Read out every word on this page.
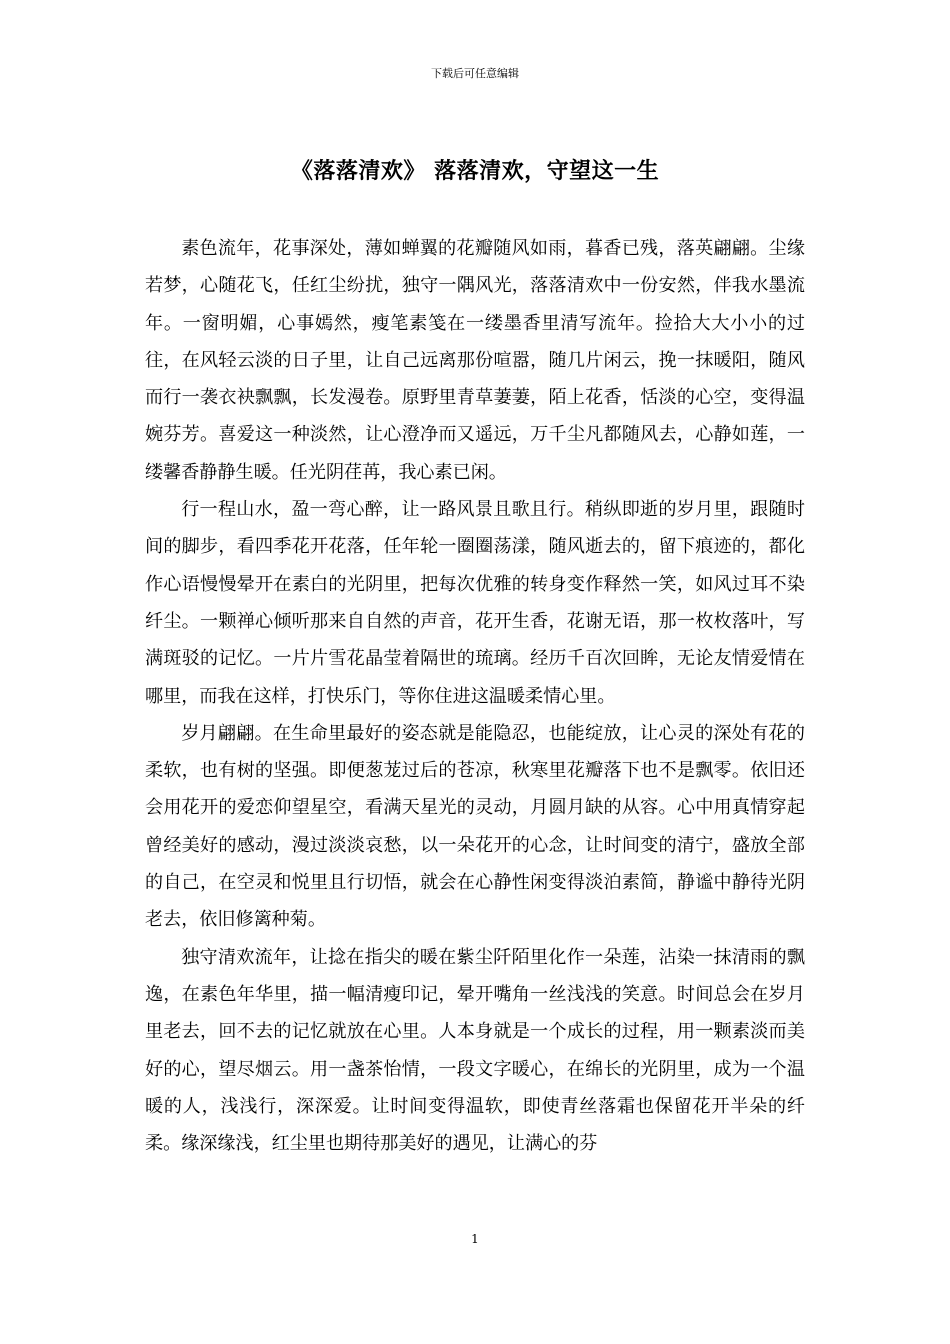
下载后可任意编辑
《落落清欢》 落落清欢，守望这一生

素色流年，花事深处，薄如蝉翼的花瓣随风如雨，暮香已残，落英翩翩。尘缘若梦，心随花飞，任红尘纷扰，独守一隅风光，落落清欢中一份安然，伴我水墨流年。一窗明媚，心事嫣然，瘦笔素笺在一缕墨香里清写流年。捡拾大大小小的过往，在风轻云淡的日子里，让自己远离那份喧嚣，随几片闲云，挽一抹暖阳，随风而行一袭衣袂飘飘，长发漫卷。原野里青草萋萋，陌上花香，恬淡的心空，变得温婉芬芳。喜爱这一种淡然，让心澄净而又遥远，万千尘凡都随风去，心静如莲，一缕馨香静静生暖。任光阴荏苒，我心素已闲。

行一程山水，盈一弯心醉，让一路风景且歌且行。稍纵即逝的岁月里，跟随时间的脚步，看四季花开花落，任年轮一圈圈荡漾，随风逝去的，留下痕迹的，都化作心语慢慢晕开在素白的光阴里，把每次优雅的转身变作释然一笑，如风过耳不染纤尘。一颗禅心倾听那来自自然的声音，花开生香，花谢无语，那一枚枚落叶，写满斑驳的记忆。一片片雪花晶莹着隔世的琉璃。经历千百次回眸，无论友情爱情在哪里，而我在这样，打快乐门，等你住进这温暖柔情心里。

岁月翩翩。在生命里最好的姿态就是能隐忍，也能绽放，让心灵的深处有花的柔软，也有树的坚强。即便葱茏过后的苍凉，秋寒里花瓣落下也不是飘零。依旧还会用花开的爱恋仰望星空，看满天星光的灵动，月圆月缺的从容。心中用真情穿起曾经美好的感动，漫过淡淡哀愁，以一朵花开的心念，让时间变的清宁，盛放全部的自己，在空灵和悦里且行切悟，就会在心静性闲变得淡泊素简，静谧中静待光阴老去，依旧修篱种菊。

独守清欢流年，让捻在指尖的暖在紫尘阡陌里化作一朵莲，沾染一抹清雨的飘逸，在素色年华里，描一幅清瘦印记，晕开嘴角一丝浅浅的笑意。时间总会在岁月里老去，回不去的记忆就放在心里。人本身就是一个成长的过程，用一颗素淡而美好的心，望尽烟云。用一盏茶怡情，一段文字暖心，在绵长的光阴里，成为一个温暖的人，浅浅行，深深爱。让时间变得温软，即使青丝落霜也保留花开半朵的纤柔。缘深缘浅，红尘里也期待那美好的遇见，让满心的芬

1
